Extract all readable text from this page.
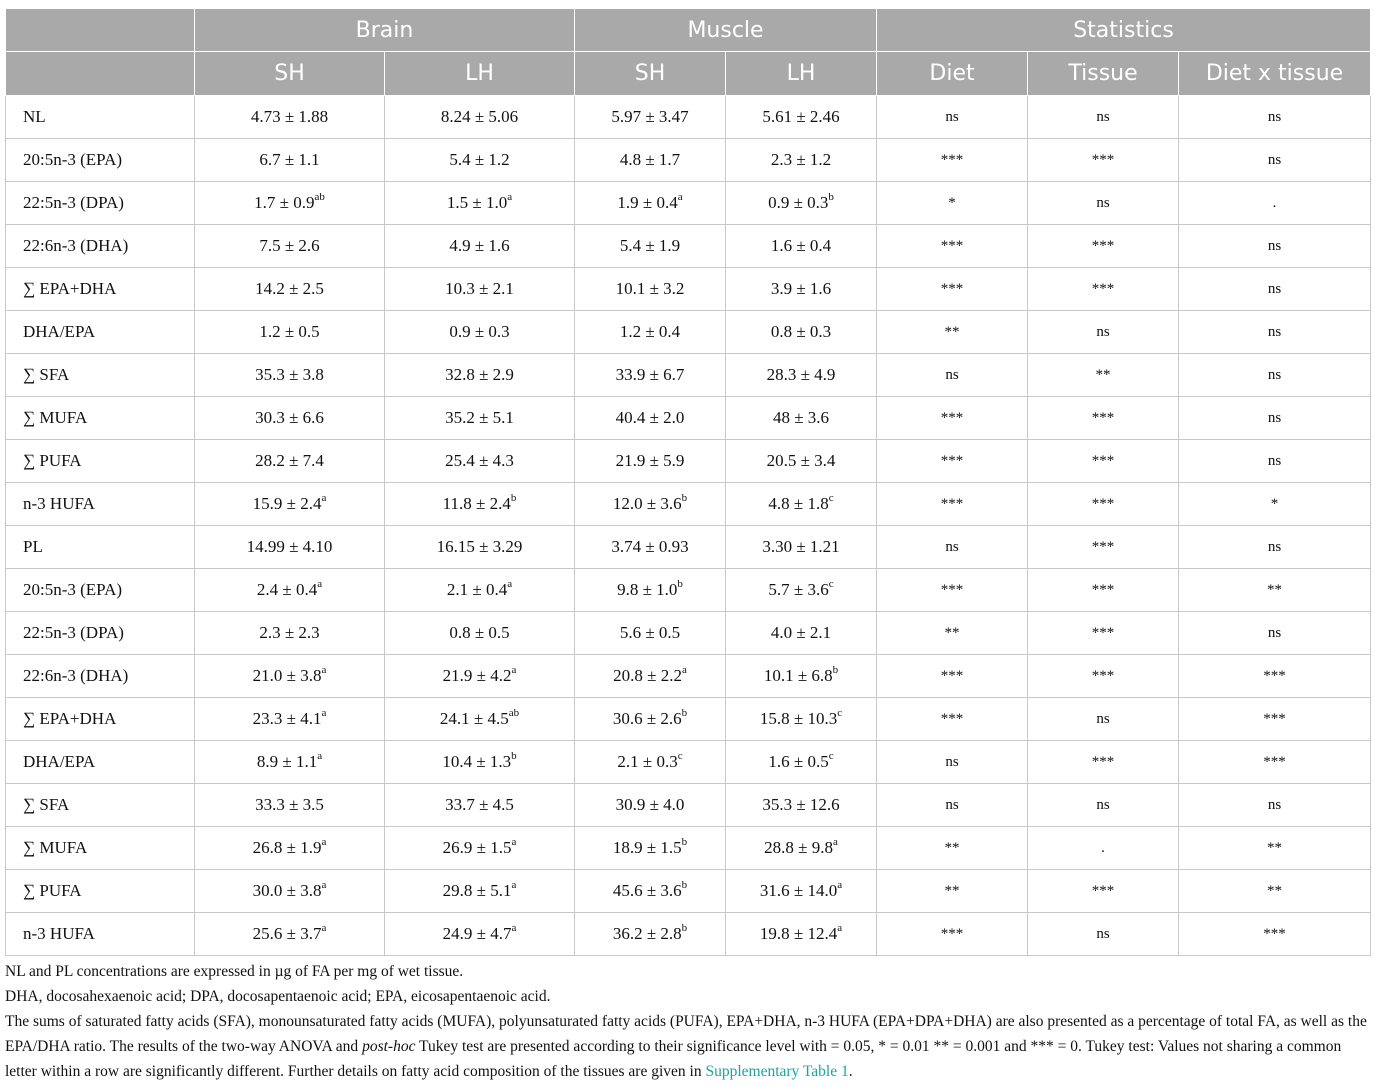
	Brain		Muscle		Statistics		
	SH	LH	SH	LH	Diet	Tissue	Diet x tissue
NL	4.73 ± 1.88	8.24 ± 5.06	5.97 ± 3.47	5.61 ± 2.46	ns	ns	ns
20:5n-3 (EPA)	6.7 ± 1.1	5.4 ± 1.2	4.8 ± 1.7	2.3 ± 1.2	***	***	ns
22:5n-3 (DPA)	1.7 ± 0.9$^{ab}$	1.5 ± 1.0$^a$	1.9 ± 0.4$^a$	0.9 ± 0.3$^b$	*	ns	.
22:6n-3 (DHA)	7.5 ± 2.6	4.9 ± 1.6	5.4 ± 1.9	1.6 ± 0.4	***	***	ns
∑ EPA+DHA	14.2 ± 2.5	10.3 ± 2.1	10.1 ± 3.2	3.9 ± 1.6	***	***	ns
DHA/EPA	1.2 ± 0.5	0.9 ± 0.3	1.2 ± 0.4	0.8 ± 0.3	**	ns	ns
∑ SFA	35.3 ± 3.8	32.8 ± 2.9	33.9 ± 6.7	28.3 ± 4.9	ns	**	ns
∑ MUFA	30.3 ± 6.6	35.2 ± 5.1	40.4 ± 2.0	48 ± 3.6	***	***	ns
∑ PUFA	28.2 ± 7.4	25.4 ± 4.3	21.9 ± 5.9	20.5 ± 3.4	***	***	ns
n-3 HUFA	15.9 ± 2.4$^a$	11.8 ± 2.4$^b$	12.0 ± 3.6$^b$	4.8 ± 1.8$^c$	***	***	*
PL	14.99 ± 4.10	16.15 ± 3.29	3.74 ± 0.93	3.30 ± 1.21	ns	***	ns
20:5n-3 (EPA)	2.4 ± 0.4$^a$	2.1 ± 0.4$^a$	9.8 ± 1.0$^b$	5.7 ± 3.6$^c$	***	***	**
22:5n-3 (DPA)	2.3 ± 2.3	0.8 ± 0.5	5.6 ± 0.5	4.0 ± 2.1	**	***	ns
22:6n-3 (DHA)	21.0 ± 3.8$^a$	21.9 ± 4.2$^a$	20.8 ± 2.2$^a$	10.1 ± 6.8$^b$	***	***	***
∑ EPA+DHA	23.3 ± 4.1$^a$	24.1 ± 4.5$^{ab}$	30.6 ± 2.6$^b$	15.8 ± 10.3$^c$	***	ns	***
DHA/EPA	8.9 ± 1.1$^a$	10.4 ± 1.3$^b$	2.1 ± 0.3$^c$	1.6 ± 0.5$^c$	ns	***	***
∑ SFA	33.3 ± 3.5	33.7 ± 4.5	30.9 ± 4.0	35.3 ± 12.6	ns	ns	ns
∑ MUFA	26.8 ± 1.9$^a$	26.9 ± 1.5$^a$	18.9 ± 1.5$^b$	28.8 ± 9.8$^a$	**	.	**
∑ PUFA	30.0 ± 3.8$^a$	29.8 ± 5.1$^a$	45.6 ± 3.6$^b$	31.6 ± 14.0$^a$	**	***	**
n-3 HUFA	25.6 ± 3.7$^a$	24.9 ± 4.7$^a$	36.2 ± 2.8$^b$	19.8 ± 12.4$^a$	***	ns	***

NL and PL concentrations are expressed in µg of FA per mg of wet tissue.

DHA, docosahexaenoic acid; DPA, docosapentaenoic acid; EPA, eicosapentaenoic acid.

The sums of saturated fatty acids (SFA), monounsaturated fatty acids (MUFA), polyunsaturated fatty acids (PUFA), EPA+DHA, n-3 HUFA (EPA+DPA+DHA) are also presented as a percentage of total FA, as well as the EPA/DHA ratio. The results of the two-way ANOVA and post-hoc Tukey test are presented according to their significance level with = 0.05, * = 0.01 ** = 0.001 and *** = 0. Tukey test: Values not sharing a common letter within a row are significantly different. Further details on fatty acid composition of the tissues are given in Supplementary Table 1.
